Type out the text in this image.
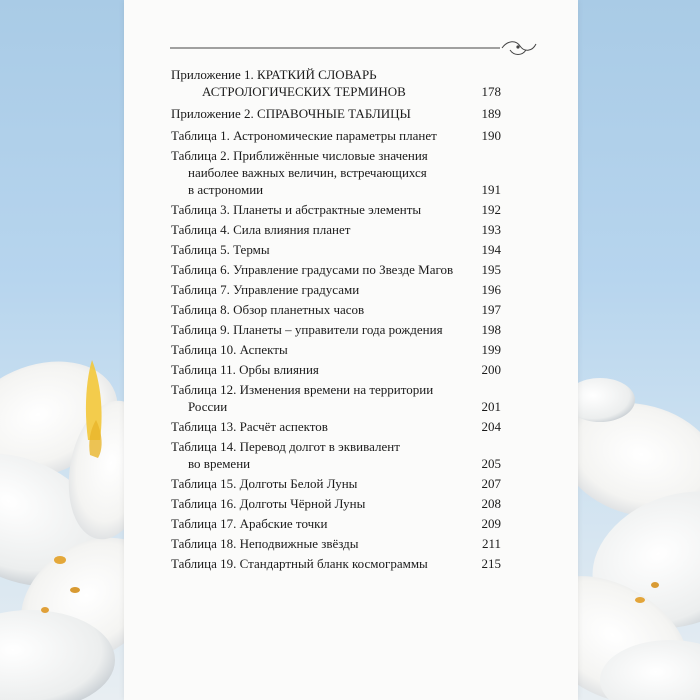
Приложение 1. КРАТКИЙ СЛОВАРЬ
АСТРОЛОГИЧЕСКИХ ТЕРМИНОВ	178
Приложение 2. СПРАВОЧНЫЕ ТАБЛИЦЫ	189
Таблица 1. Астрономические параметры планет	190
Таблица 2. Приближённые числовые значения
наиболее важных величин, встречающихся
в астрономии	191
Таблица 3. Планеты и абстрактные элементы	192
Таблица 4. Сила влияния планет	193
Таблица 5. Термы	194
Таблица 6. Управление градусами по Звезде Магов	195
Таблица 7. Управление градусами	196
Таблица 8. Обзор планетных часов	197
Таблица 9. Планеты – управители года рождения	198
Таблица 10. Аспекты	199
Таблица 11. Орбы влияния	200
Таблица 12. Изменения времени на территории
России	201
Таблица 13. Расчёт аспектов	204
Таблица 14. Перевод долгот в эквивалент
во времени	205
Таблица 15. Долготы Белой Луны	207
Таблица 16. Долготы Чёрной Луны	208
Таблица 17. Арабские точки	209
Таблица 18. Неподвижные звёзды	211
Таблица 19. Стандартный бланк космограммы	215
